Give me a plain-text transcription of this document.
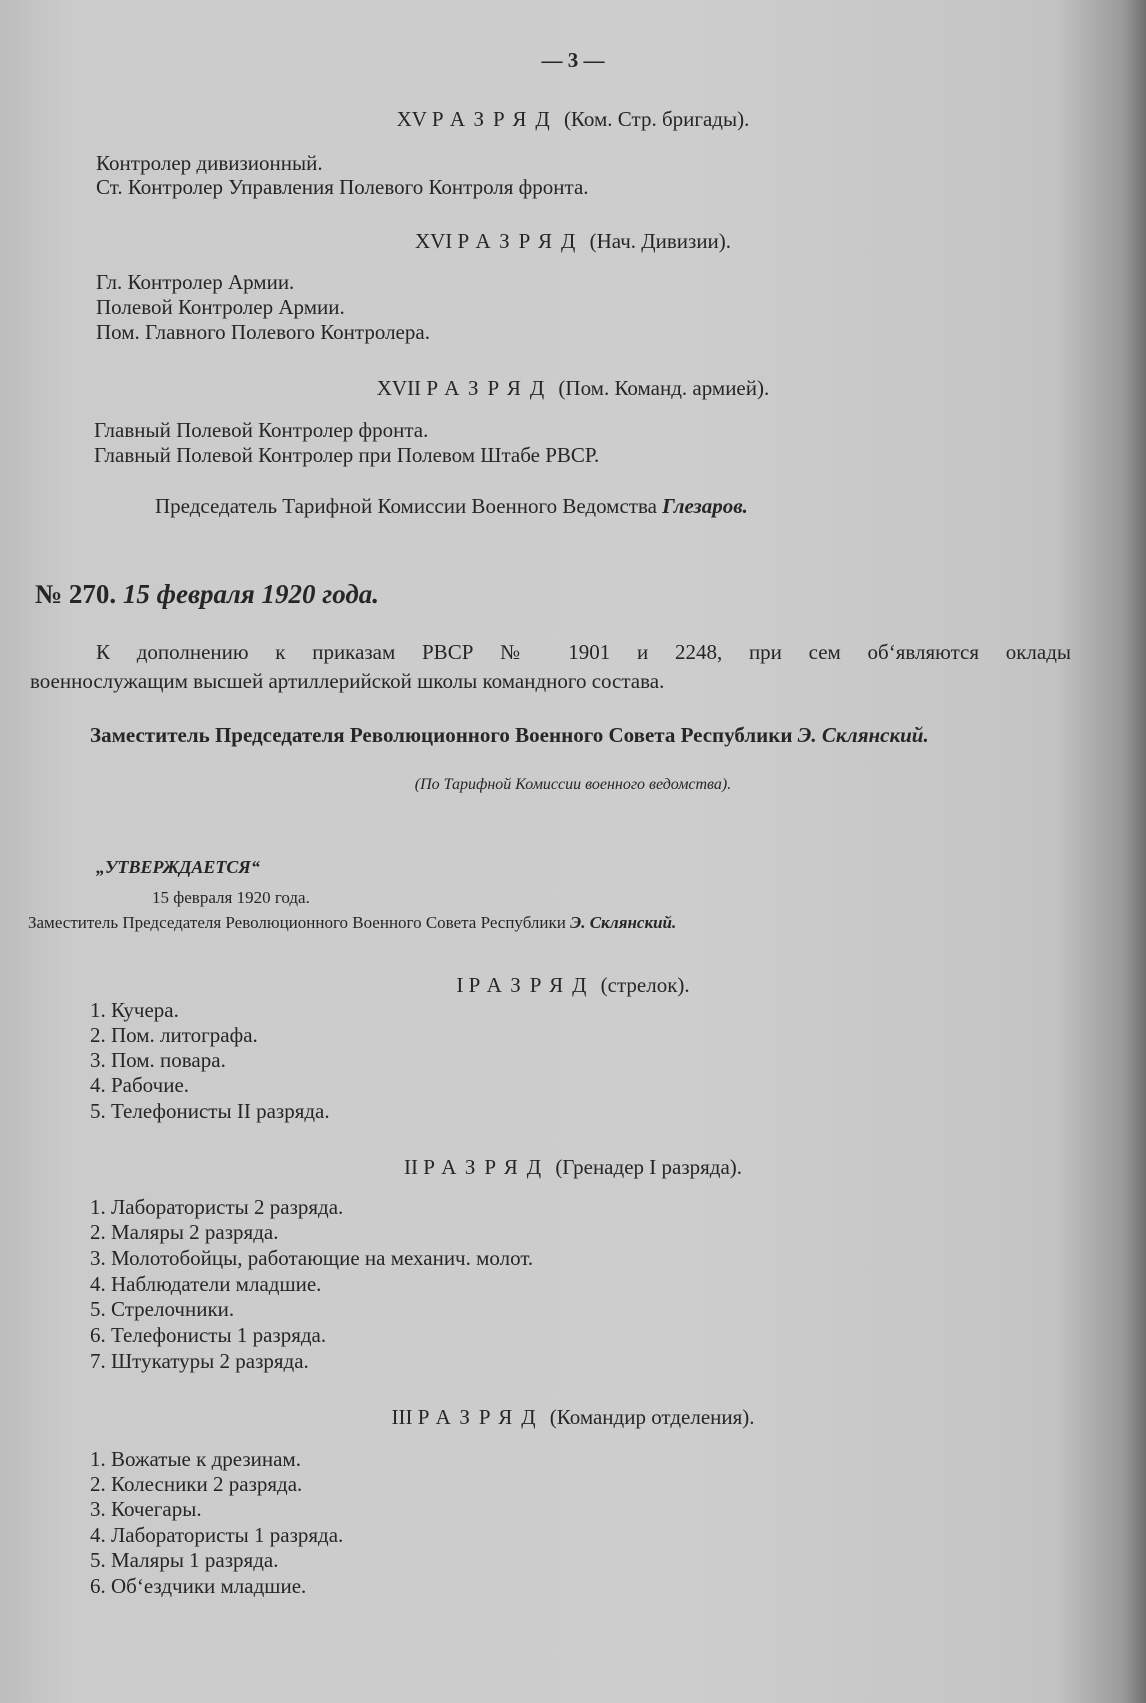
— 3 —
XV РАЗРЯД (Ком. Стр. бригады).
Контролер дивизионный.
Ст. Контролер Управления Полевого Контроля фронта.
XVI РАЗРЯД (Нач. Дивизии).
Гл. Контролер Армии.
Полевой Контролер Армии.
Пом. Главного Полевого Контролера.
XVII РАЗРЯД (Пом. Команд. армией).
Главный Полевой Контролер фронта.
Главный Полевой Контролер при Полевом Штабе РВСР.
Председатель Тарифной Комиссии Военного Ведомства Глезаров.
№ 270. 15 февраля 1920 года.
К дополнению к приказам РВСР № 1901 и 2248, при сем об‘являются оклады
военнослужащим высшей артиллерийской школы командного состава.
Заместитель Председателя Революционного Военного Совета Республики Э. Склянский.
(По Тарифной Комиссии военного ведомства).
„УТВЕРЖДАЕТСЯ“
15 февраля 1920 года.
Заместитель Председателя Революционного Военного Совета Республики Э. Склянский.
I РАЗРЯД (стрелок).
1. Кучера.
2. Пом. литографа.
3. Пом. повара.
4. Рабочие.
5. Телефонисты II разряда.
II РАЗРЯД (Гренадер I разряда).
1. Лаборатористы 2 разряда.
2. Маляры 2 разряда.
3. Молотобойцы, работающие на механич. молот.
4. Наблюдатели младшие.
5. Стрелочники.
6. Телефонисты 1 разряда.
7. Штукатуры 2 разряда.
III РАЗРЯД (Командир отделения).
1. Вожатые к дрезинам.
2. Колесники 2 разряда.
3. Кочегары.
4. Лаборатористы 1 разряда.
5. Маляры 1 разряда.
6. Об‘ездчики младшие.
